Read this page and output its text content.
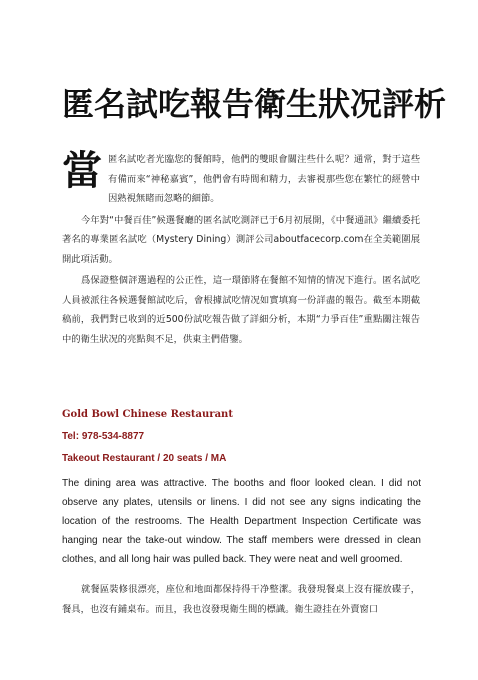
匿名試吃報告衛生狀况評析
當 匿名試吃者光臨您的餐館時，他們的雙眼會關注些什么呢？通常，對于這些有備而來“神秘嘉賓”，他們會有時間和精力，去審視那些您在繁忙的經營中因熟視無睹而忽略的細節。

今年對“中餐百佳”候選餐廳的匿名試吃測評已于6月初展開，《中餐通訊》繼續委托著名的專業匿名試吃（Mystery Dining）測評公司aboutfacecorp.com在全美範圍展開此項活動。

爲保證整個評選過程的公正性，這一環節將在餐館不知情的情况下進行。匿名試吃人員被派往各候選餐館試吃后，會根據試吃情况如實填寫一份詳盡的報告。截至本期截稿前，我們對已收到的近500份試吃報告做了詳細分析，本期“力爭百佳”重點關注報告中的衛生狀况的亮點與不足，供東主們借鑒。

Gold Bowl Chinese Restaurant
Tel: 978-534-8877
Takeout Restaurant / 20 seats / MA

The dining area was attractive. The booths and floor looked clean. I did not observe any plates, utensils or linens. I did not see any signs indicating the location of the restrooms. The Health Department Inspection Certificate was hanging near the take-out window. The staff members were dressed in clean clothes, and all long hair was pulled back. They were neat and well groomed.

就餐區裝修很漂亮，座位和地面都保持得干净整潔。我發現餐桌上沒有擺放碟子，餐具，也沒有鋪桌布。而且，我也沒發現衛生間的標識。衛生證挂在外賣窗口
